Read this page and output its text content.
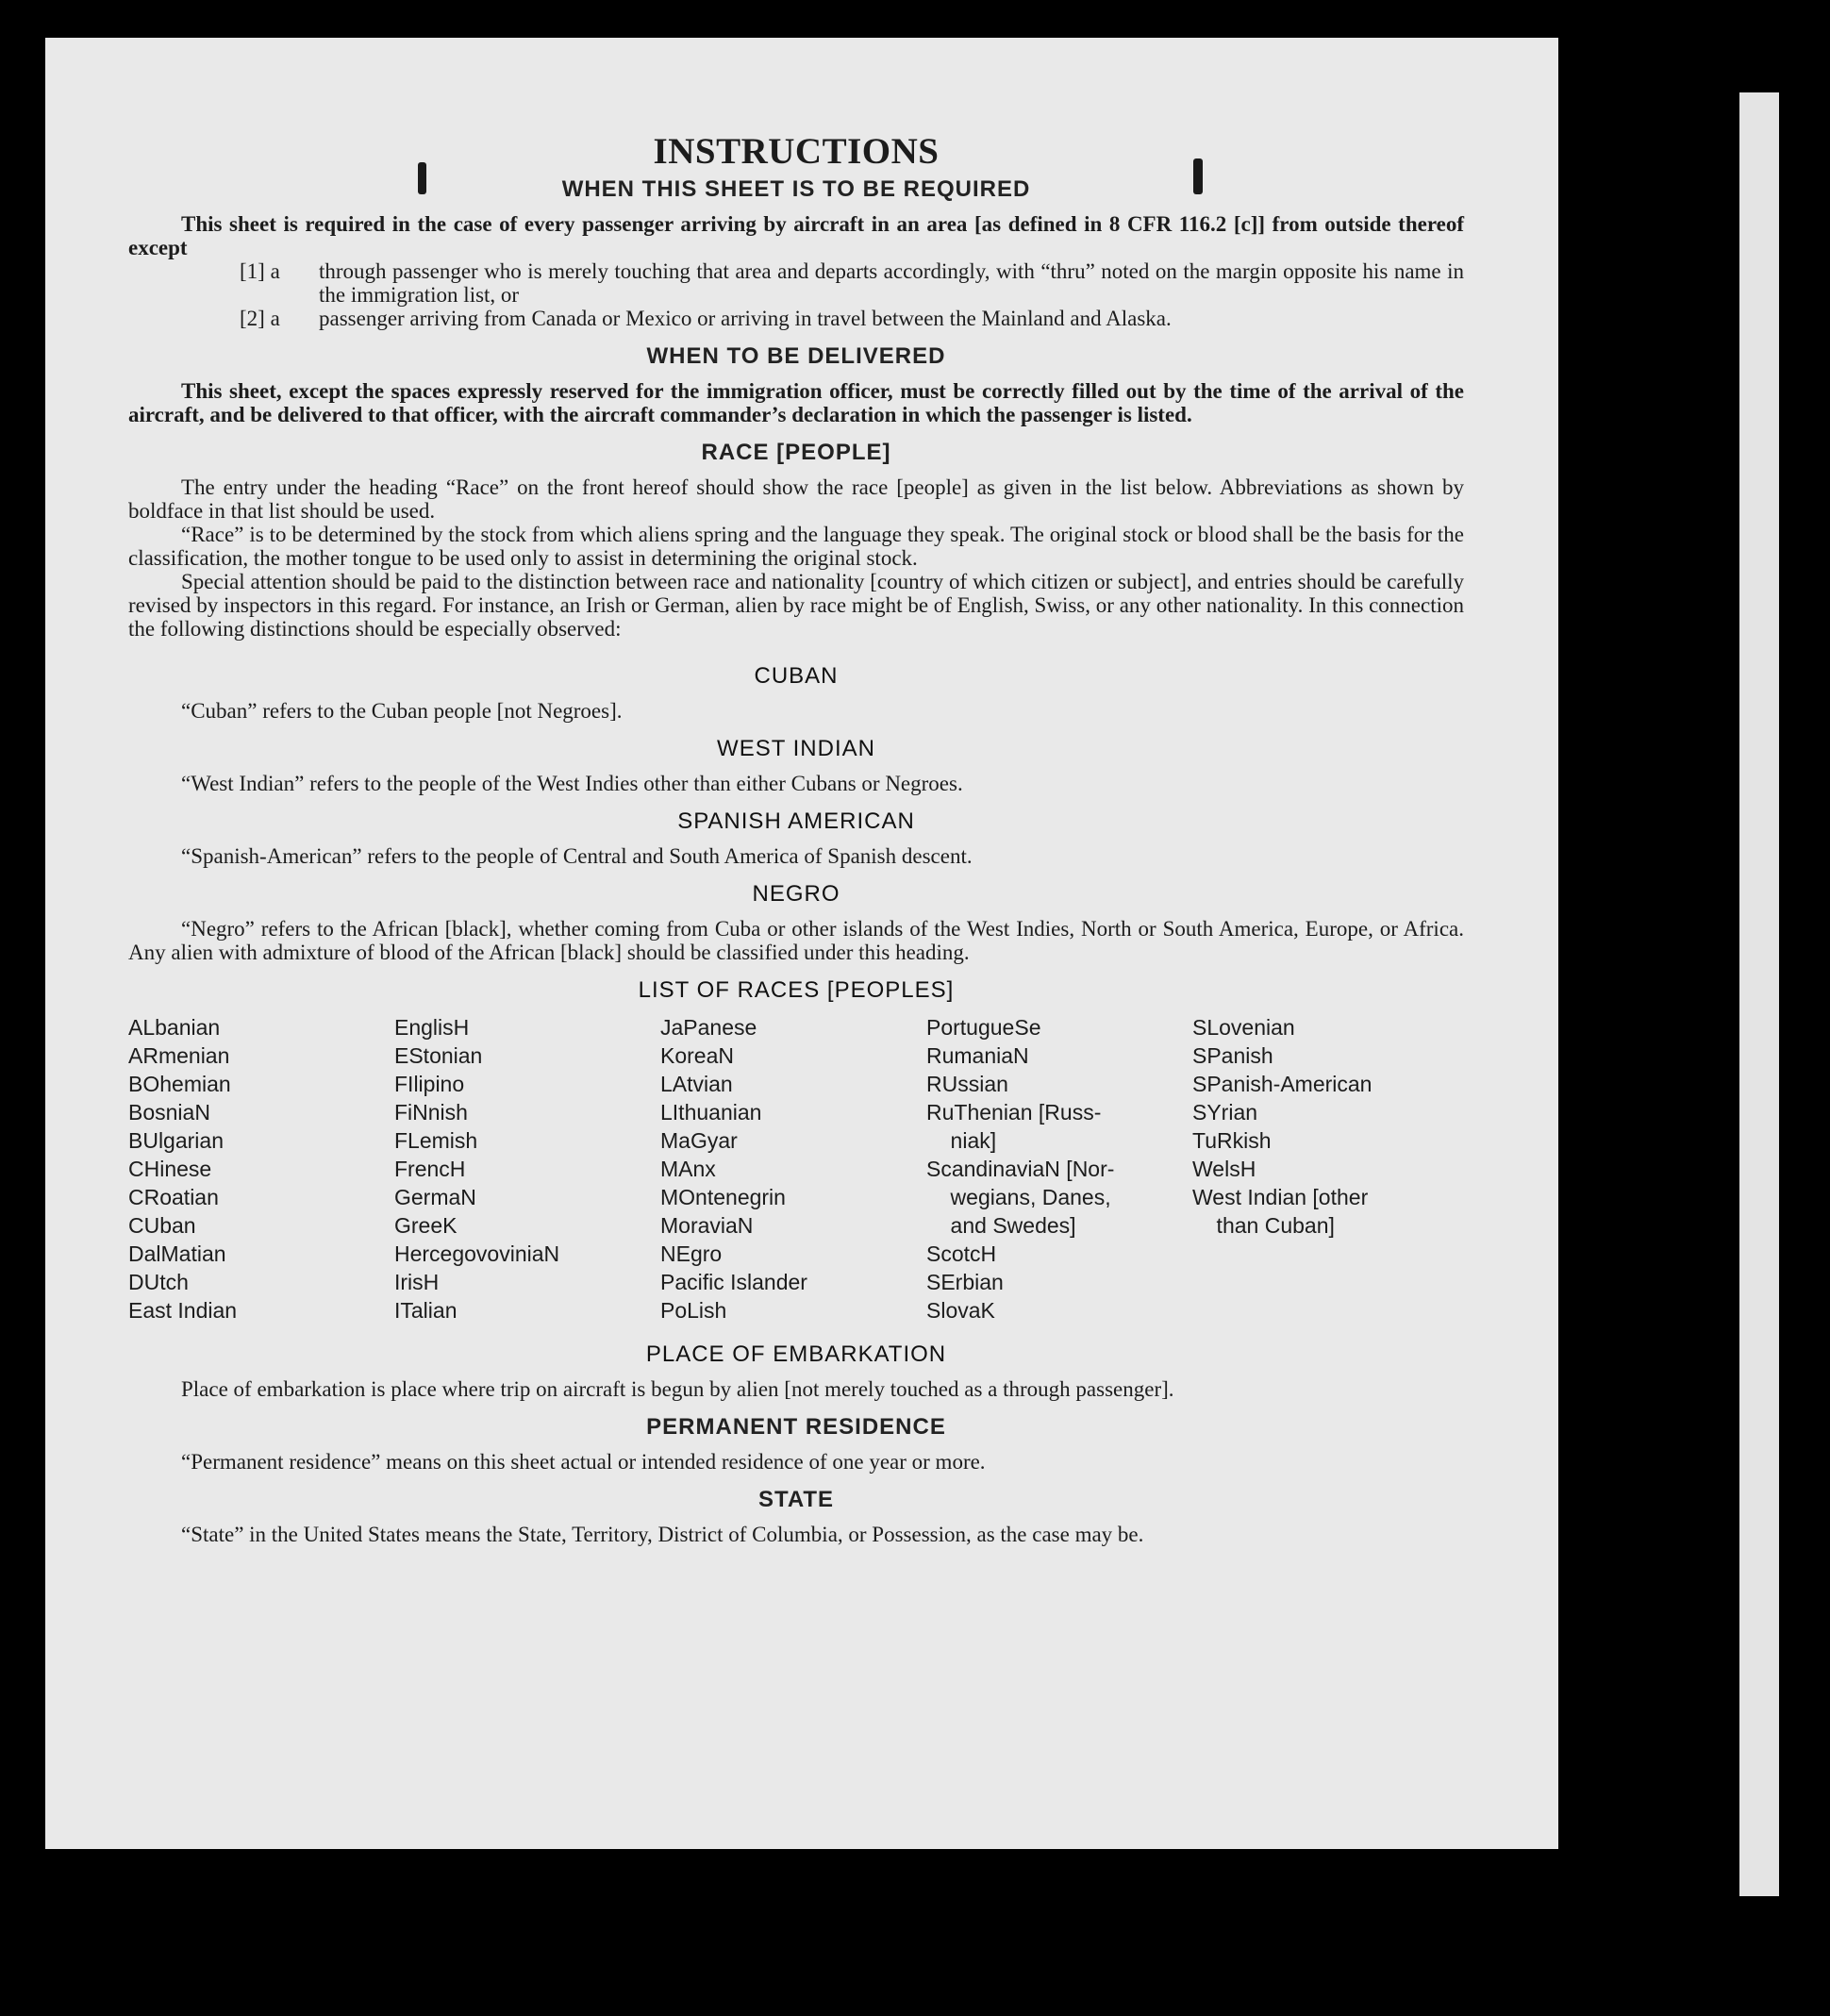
INSTRUCTIONS
WHEN THIS SHEET IS TO BE REQUIRED

This sheet is required in the case of every passenger arriving by aircraft in an area [as defined in 8 CFR 116.2 [c]] from outside thereof except

[1] a	through passenger who is merely touching that area and departs accordingly, with “thru” noted on the margin opposite his name in the immigration list, or
[2] a	passenger arriving from Canada or Mexico or arriving in travel between the Mainland and Alaska.
WHEN TO BE DELIVERED

This sheet, except the spaces expressly reserved for the immigration officer, must be correctly filled out by the time of the arrival of the aircraft, and be delivered to that officer, with the aircraft commander’s declaration in which the passenger is listed.

RACE [PEOPLE]

The entry under the heading “Race” on the front hereof should show the race [people] as given in the list below. Abbreviations as shown by boldface in that list should be used.

“Race” is to be determined by the stock from which aliens spring and the language they speak. The original stock or blood shall be the basis for the classification, the mother tongue to be used only to assist in determining the original stock.

Special attention should be paid to the distinction between race and nationality [country of which citizen or subject], and entries should be carefully revised by inspectors in this regard. For instance, an Irish or German, alien by race might be of English, Swiss, or any other nationality. In this connection the following distinctions should be especially observed:

CUBAN

“Cuban” refers to the Cuban people [not Negroes].

WEST INDIAN

“West Indian” refers to the people of the West Indies other than either Cubans or Negroes.

SPANISH AMERICAN

“Spanish-American” refers to the people of Central and South America of Spanish descent.

NEGRO

“Negro” refers to the African [black], whether coming from Cuba or other islands of the West Indies, North or South America, Europe, or Africa. Any alien with admixture of blood of the African [black] should be classified under this heading.

LIST OF RACES [PEOPLES]
ALbanian
ARmenian
BOhemian
BosniaN
BUlgarian
CHinese
CRoatian
CUban
DalMatian
DUtch
East Indian
EnglisH
EStonian
FIlipino
FiNnish
FLemish
FrencH
GermaN
GreeK
HercegovoviniaN
IrisH
ITalian
JaPanese
KoreaN
LAtvian
LIthuanian
MaGyar
MAnx
MOntenegrin
MoraviaN
NEgro
Pacific Islander
PoLish
PortugueSe
RumaniaN
RUssian
RuThenian [Russ-
niak]
ScandinaviaN [Nor-
wegians, Danes,
and Swedes]
ScotcH
SErbian
SlovaK
SLovenian
SPanish
SPanish-American
SYrian
TuRkish
WelsH
West Indian [other
than Cuban]
PLACE OF EMBARKATION

Place of embarkation is place where trip on aircraft is begun by alien [not merely touched as a through passenger].

PERMANENT RESIDENCE

“Permanent residence” means on this sheet actual or intended residence of one year or more.

STATE

“State” in the United States means the State, Territory, District of Columbia, or Possession, as the case may be.
